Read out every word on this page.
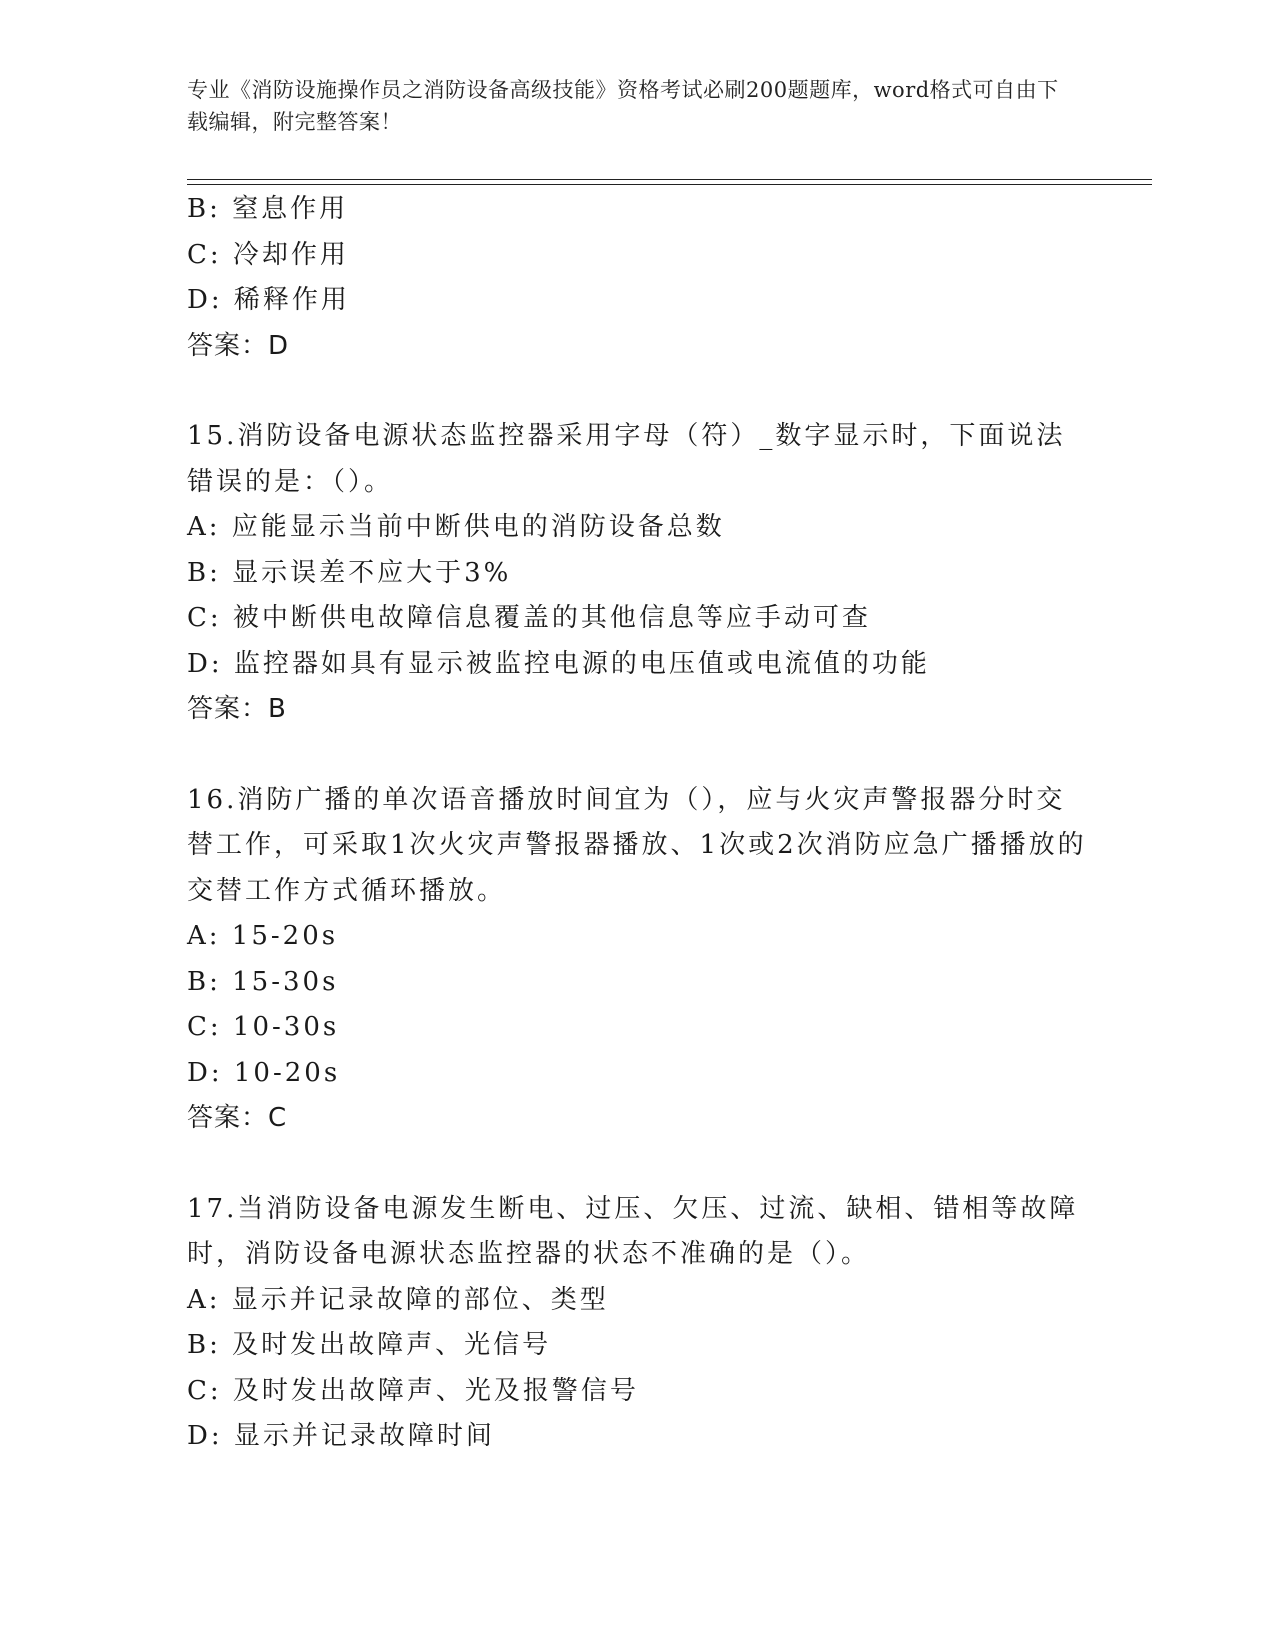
专业《消防设施操作员之消防设备高级技能》资格考试必刷200题题库，word格式可自由下载编辑，附完整答案！
B: 窒息作用
C: 冷却作用
D: 稀释作用
答案：D
15.消防设备电源状态监控器采用字母（符）_数字显示时，下面说法错误的是：（）。
A: 应能显示当前中断供电的消防设备总数
B: 显示误差不应大于3%
C: 被中断供电故障信息覆盖的其他信息等应手动可查
D: 监控器如具有显示被监控电源的电压值或电流值的功能
答案：B
16.消防广播的单次语音播放时间宜为（），应与火灾声警报器分时交替工作，可采取1次火灾声警报器播放、1次或2次消防应急广播播放的交替工作方式循环播放。
A: 15-20s
B: 15-30s
C: 10-30s
D: 10-20s
答案：C
17.当消防设备电源发生断电、过压、欠压、过流、缺相、错相等故障时，消防设备电源状态监控器的状态不准确的是（）。
A: 显示并记录故障的部位、类型
B: 及时发出故障声、光信号
C: 及时发出故障声、光及报警信号
D: 显示并记录故障时间
